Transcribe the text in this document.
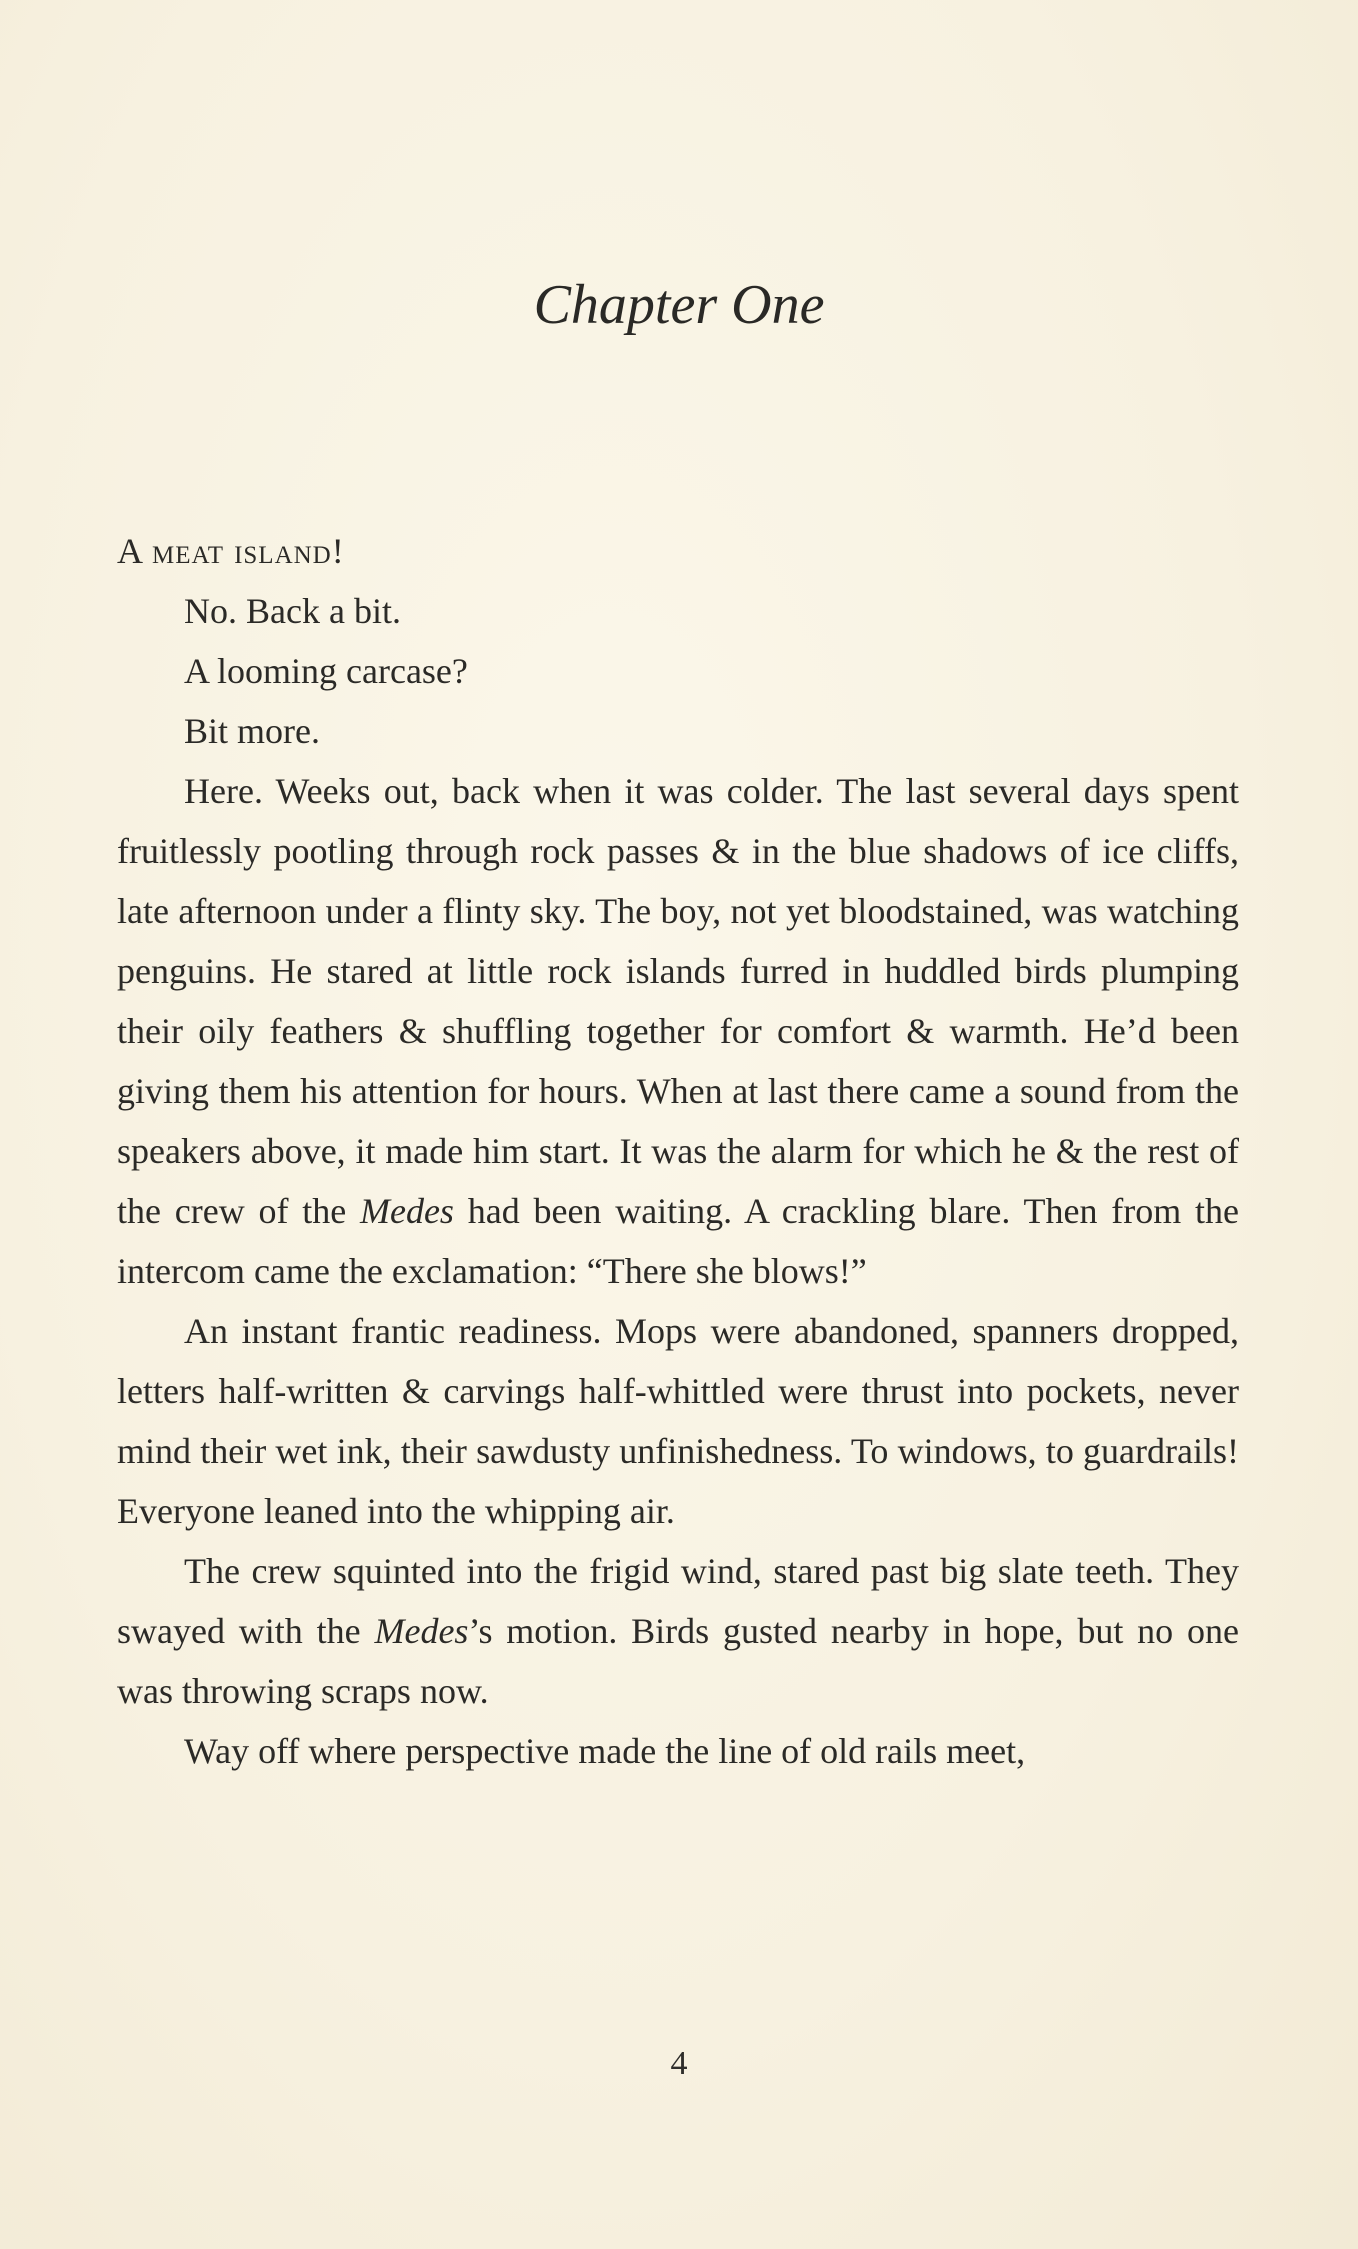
Chapter One

A meat island!

No. Back a bit.

A looming carcase?

Bit more.

Here. Weeks out, back when it was colder. The last several days spent fruitlessly pootling through rock passes & in the blue shadows of ice cliffs, late afternoon under a flinty sky. The boy, not yet bloodstained, was watching penguins. He stared at little rock islands furred in huddled birds plumping their oily feathers & shuffling together for comfort & warmth. He’d been giving them his attention for hours. When at last there came a sound from the speakers above, it made him start. It was the alarm for which he & the rest of the crew of the Medes had been waiting. A crackling blare. Then from the intercom came the exclamation: “There she blows!”

An instant frantic readiness. Mops were abandoned, spanners dropped, letters half-written & carvings half-whittled were thrust into pockets, never mind their wet ink, their sawdusty unfinishedness. To windows, to guardrails! Everyone leaned into the whipping air.

The crew squinted into the frigid wind, stared past big slate teeth. They swayed with the Medes’s motion. Birds gusted nearby in hope, but no one was throwing scraps now.

Way off where perspective made the line of old rails meet,

4
